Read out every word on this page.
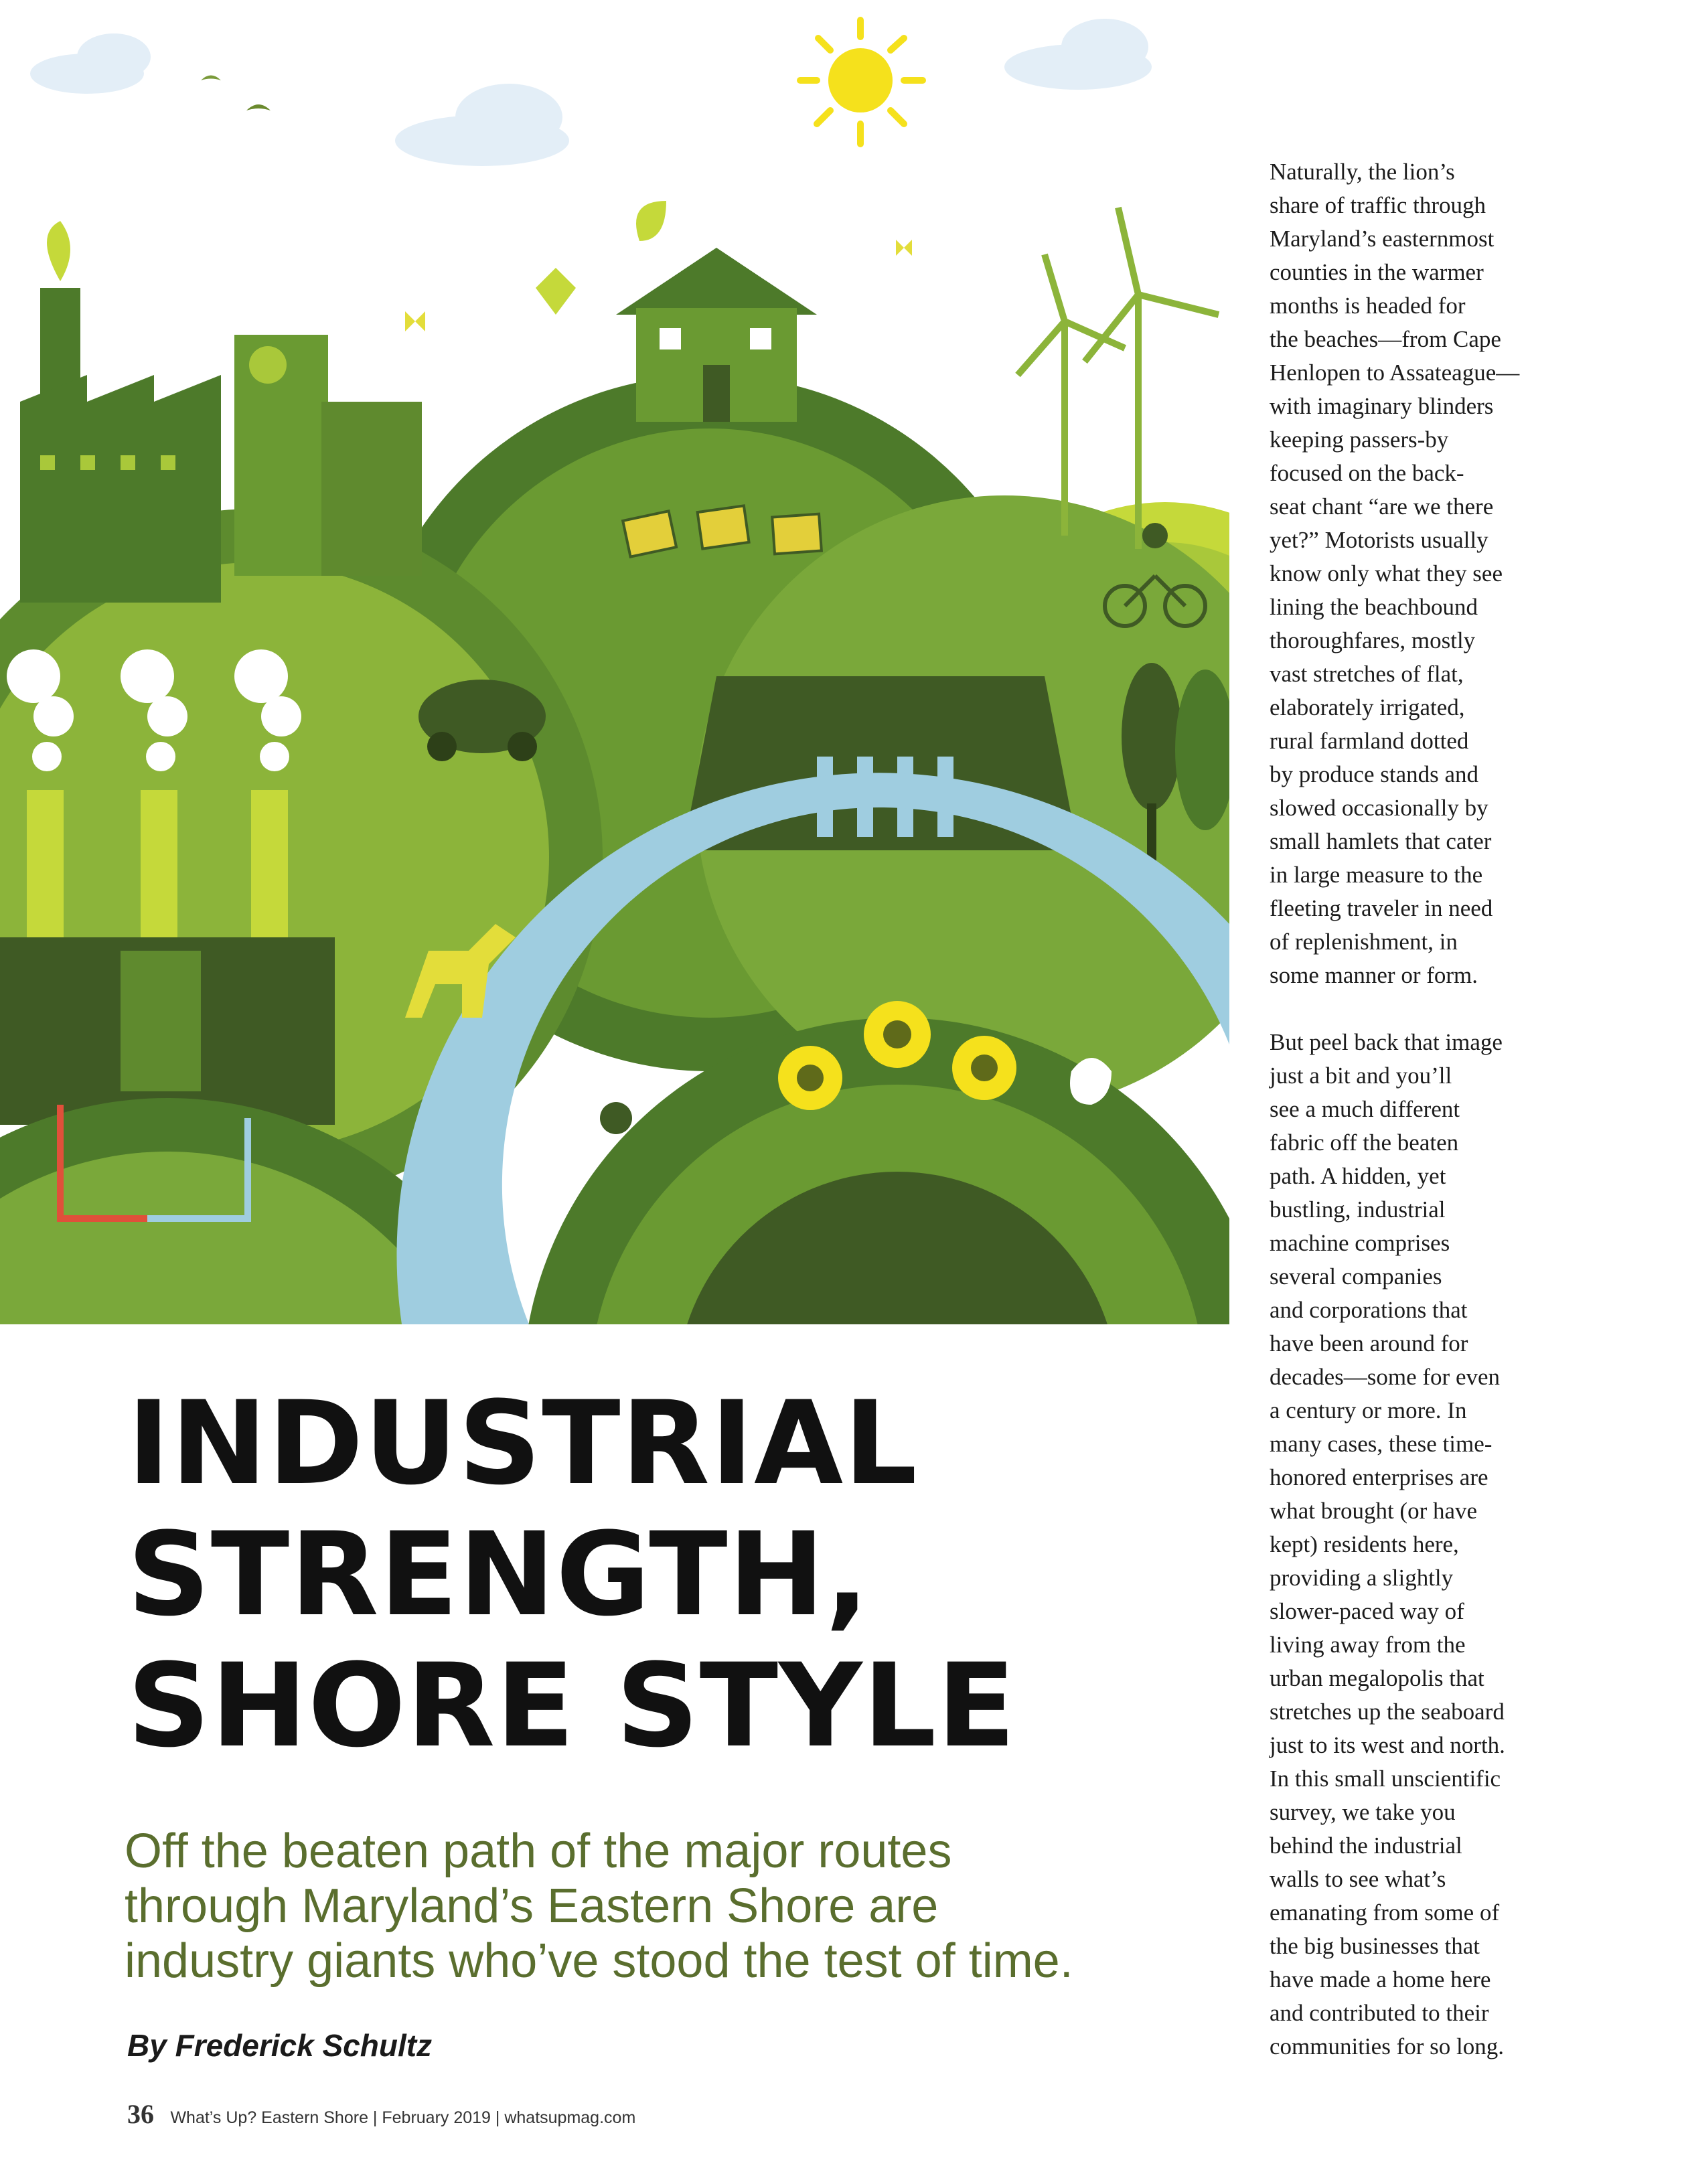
Naturally, the lion’s
share of traffic through
Maryland’s easternmost
counties in the warmer
months is headed for
the beaches—from Cape
Henlopen to Assateague—
with imaginary blinders
keeping passers-by
focused on the back-
seat chant “are we there
yet?” Motorists usually
know only what they see
lining the beachbound
thoroughfares, mostly
vast stretches of flat,
elaborately irrigated,
rural farmland dotted
by produce stands and
slowed occasionally by
small hamlets that cater
in large measure to the
fleeting traveler in need
of replenishment, in
some manner or form.

But peel back that image
just a bit and you’ll
see a much different
fabric off the beaten
path. A hidden, yet
bustling, industrial
machine comprises
several companies
and corporations that
have been around for
decades—some for even
a century or more. In
many cases, these time-
honored enterprises are
what brought (or have
kept) residents here,
providing a slightly
slower-paced way of
living away from the
urban megalopolis that
stretches up the seaboard
just to its west and north.
In this small unscientific
survey, we take you
behind the industrial
walls to see what’s
emanating from some of
the big businesses that
have made a home here
and contributed to their
communities for so long.

INDUSTRIAL
STRENGTH,
SHORE STYLE

Off the beaten path of the major routes
through Maryland’s Eastern Shore are
industry giants who’ve stood the test of time.

By Frederick Schultz

36 What’s Up? Eastern Shore | February 2019 | whatsupmag.com
